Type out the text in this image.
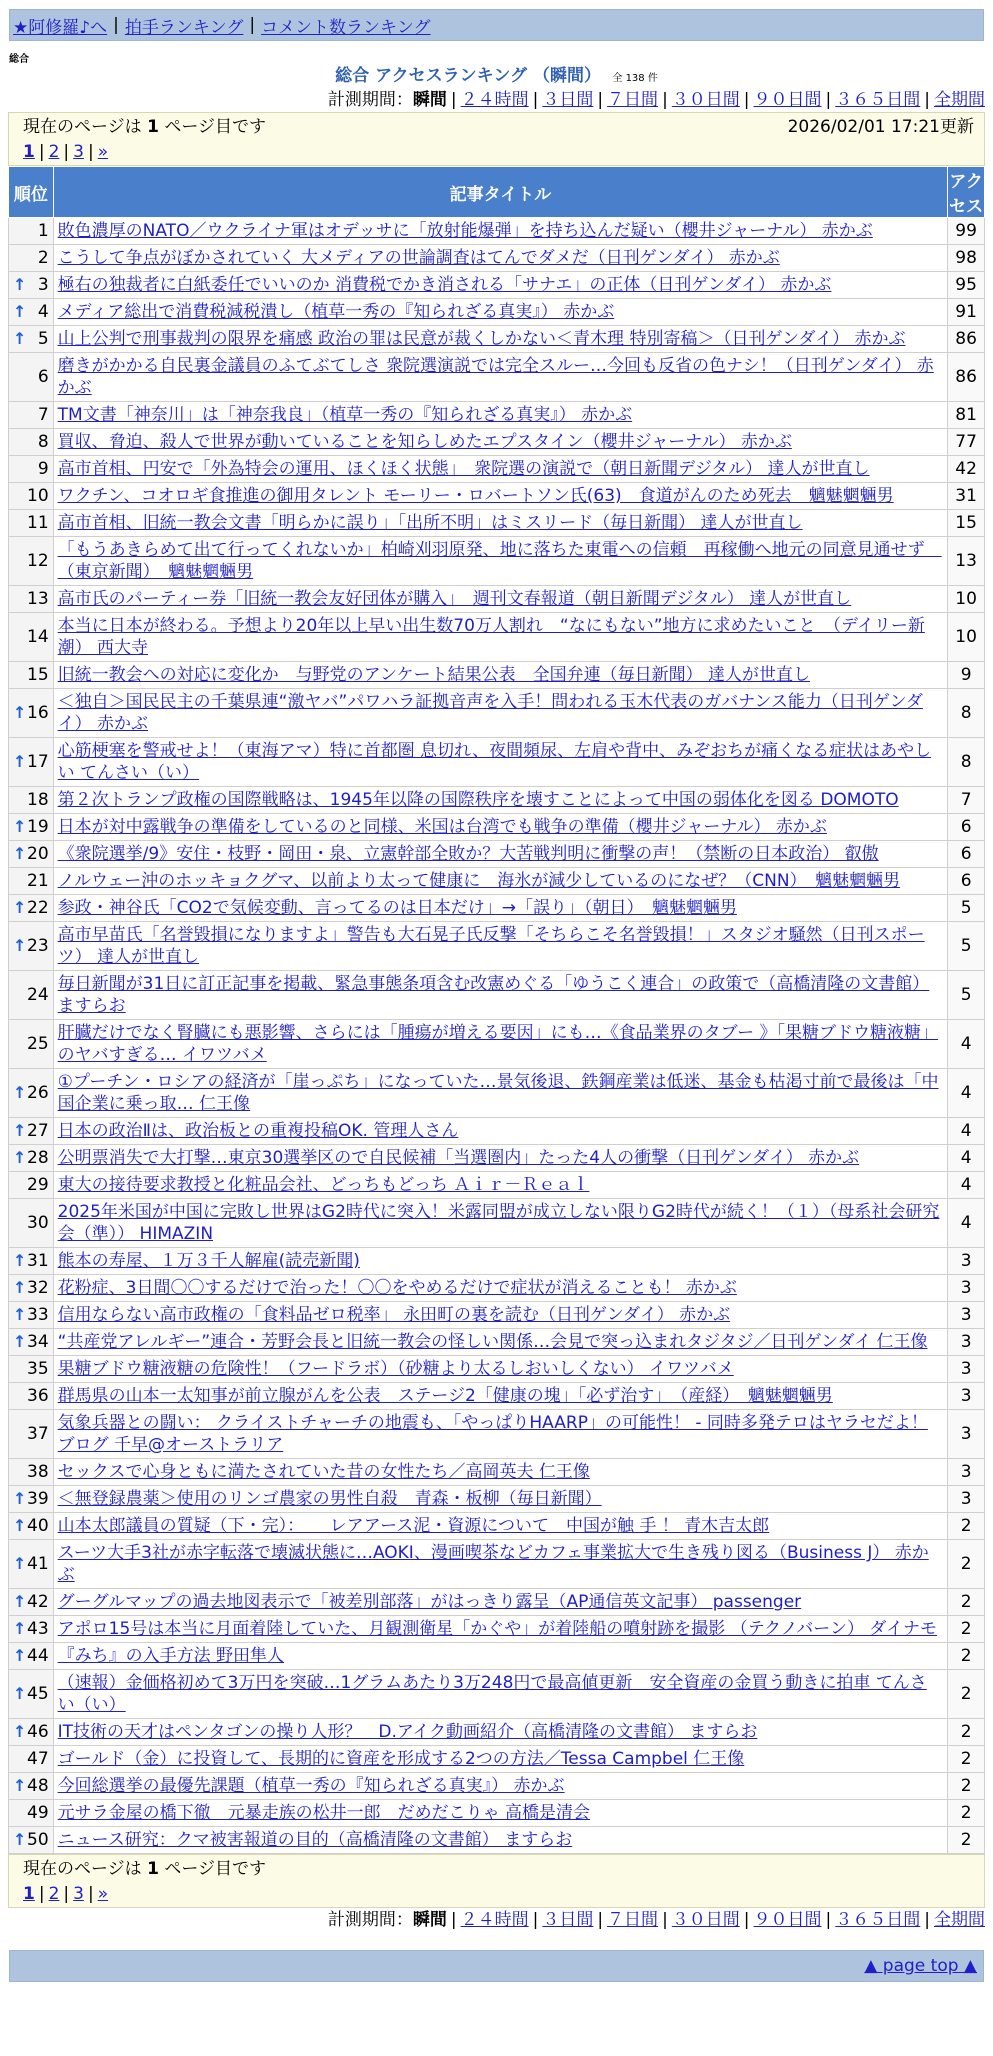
★阿修羅♪へ | 拍手ランキング | コメント数ランキング
総合
総合 アクセスランキング （瞬間） 全 138 件
計測期間：瞬間 | ２４時間 | ３日間 | ７日間 | ３０日間 | ９０日間 | ３６５日間 | 全期間
現在のページは 1 ページ目です	2026/02/01 17:21更新
1 | 2 | 3 | »
順位	記事タイトル	アクセス
1	敗色濃厚のNATO／ウクライナ軍はオデッサに「放射能爆弾」を持ち込んだ疑い（櫻井ジャーナル） 赤かぶ	99
2	こうして争点がぼかされていく 大メディアの世論調査はてんでダメだ（日刊ゲンダイ） 赤かぶ	98

↑ 3	極右の独裁者に白紙委任でいいのか 消費税でかき消される「サナエ」の正体（日刊ゲンダイ） 赤かぶ	95

↑ 4	メディア総出で消費税減税潰し（植草一秀の『知られざる真実』） 赤かぶ	91

↑ 5	山上公判で刑事裁判の限界を痛感 政治の罪は民意が裁くしかない＜青木理 特別寄稿＞（日刊ゲンダイ） 赤かぶ	86
6	磨きがかかる自民裏金議員のふてぶてしさ 衆院選演説では完全スルー…今回も反省の色ナシ！（日刊ゲンダイ） 赤かぶ	86
7	TM文書「神奈川」は「神奈我良」（植草一秀の『知られざる真実』） 赤かぶ	81
8	買収、脅迫、殺人で世界が動いていることを知らしめたエプスタイン（櫻井ジャーナル） 赤かぶ	77
9	高市首相、円安で「外為特会の運用、ほくほく状態」　衆院選の演説で（朝日新聞デジタル） 達人が世直し	42
10	ワクチン、コオロギ食推進の御用タレント モーリー・ロバートソン氏(63)　食道がんのため死去　魑魅魍魎男	31
11	高市首相、旧統一教会文書「明らかに誤り」「出所不明」はミスリード（毎日新聞） 達人が世直し	15
12	「もうあきらめて出て行ってくれないか」柏崎刈羽原発、地に落ちた東電への信頼　再稼働へ地元の同意見通せず　（東京新聞）　魑魅魍魎男	13
13	高市氏のパーティー券「旧統一教会友好団体が購入」　週刊文春報道（朝日新聞デジタル） 達人が世直し	10
14	本当に日本が終わる。予想より20年以上早い出生数70万人割れ　“なにもない”地方に求めたいこと　（デイリー新潮） 西大寺	10
15	旧統一教会への対応に変化か　与野党のアンケート結果公表　全国弁連（毎日新聞） 達人が世直し	9

↑ 16	＜独自＞国民民主の千葉県連“激ヤバ”パワハラ証拠音声を入手！問われる玉木代表のガバナンス能力（日刊ゲンダイ） 赤かぶ	8

↑ 17	心筋梗塞を警戒せよ！（東海アマ）特に首都圏 息切れ、夜間頻尿、左肩や背中、みぞおちが痛くなる症状はあやしい てんさい（い）	8
18	第２次トランプ政権の国際戦略は、1945年以降の国際秩序を壊すことによって中国の弱体化を図る DOMOTO	7

↑ 19	日本が対中露戦争の準備をしているのと同様、米国は台湾でも戦争の準備（櫻井ジャーナル） 赤かぶ	6

↑ 20	《衆院選挙/9》安住・枝野・岡田・泉、立憲幹部全敗か？大苦戦判明に衝撃の声！（禁断の日本政治） 叡傲	6
21	ノルウェー沖のホッキョクグマ、以前より太って健康に　海氷が減少しているのになぜ？（CNN）　魑魅魍魎男	6

↑ 22	参政・神谷氏「CO2で気候変動、言ってるのは日本だけ」→「誤り」（朝日）　魑魅魍魎男	5

↑ 23	高市早苗氏「名誉毀損になりますよ」警告も大石晃子氏反撃「そちらこそ名誉毀損！」スタジオ騒然（日刊スポーツ） 達人が世直し	5
24	毎日新聞が31日に訂正記事を掲載、緊急事態条項含む改憲めぐる「ゆうこく連合」の政策で（高橋清隆の文書館） ますらお	5
25	肝臓だけでなく腎臓にも悪影響、さらには「腫瘍が増える要因」にも…《食品業界のタブー 》「果糖ブドウ糖液糖」のヤバすぎる… イワツバメ	4

↑ 26	①プーチン・ロシアの経済が「崖っぷち」になっていた…景気後退、鉄鋼産業は低迷、基金も枯渇寸前で最後は「中国企業に乗っ取… 仁王像	4

↑ 27	日本の政治Ⅱは、政治板との重複投稿OK. 管理人さん	4

↑ 28	公明票消失で大打撃…東京30選挙区ので自民候補「当選圏内」たった4人の衝撃（日刊ゲンダイ） 赤かぶ	4
29	東大の接待要求教授と化粧品会社、どっちもどっち Ａｉｒ－Ｒｅａｌ	4
30	2025年米国が中国に完敗し世界はG2時代に突入！米露同盟が成立しない限りG2時代が続く！（１）（母系社会研究会（準）） HIMAZIN	4

↑ 31	熊本の寿屋、１万３千人解雇(読売新聞)	3

↑ 32	花粉症、3日間〇〇するだけで治った！〇〇をやめるだけで症状が消えることも！ 赤かぶ	3

↑ 33	信用ならない高市政権の「食料品ゼロ税率」 永田町の裏を読む（日刊ゲンダイ） 赤かぶ	3

↑ 34	“共産党アレルギー”連合・芳野会長と旧統一教会の怪しい関係…会見で突っ込まれタジタジ／日刊ゲンダイ 仁王像	3
35	果糖ブドウ糖液糖の危険性！（フードラボ）（砂糖より太るしおいしくない） イワツバメ	3
36	群馬県の山本一太知事が前立腺がんを公表　ステージ2「健康の塊」「必ず治す」　（産経）　魑魅魍魎男	3
37	気象兵器との闘い： クライストチャーチの地震も、「やっぱりHAARP」の可能性！ - 同時多発テロはヤラセだよ！ブログ 千早@オーストラリア	3
38	セックスで心身ともに満たされていた昔の女性たち／高岡英夫 仁王像	3

↑ 39	＜無登録農薬＞使用のリンゴ農家の男性自殺　青森・板柳（毎日新聞）	3

↑ 40	山本太郎議員の質疑（下・完）：　　レアアース泥・資源について　中国が触 手 ！ 青木吉太郎	2

↑ 41	スーツ大手3社が赤字転落で壊滅状態に…AOKI、漫画喫茶などカフェ事業拡大で生き残り図る（Business J） 赤かぶ	2

↑ 42	グーグルマップの過去地図表示で「被差別部落」がはっきり露呈（AP通信英文記事） passenger	2

↑ 43	アポロ15号は本当に月面着陸していた、月観測衛星「かぐや」が着陸船の噴射跡を撮影 （テクノバーン） ダイナモ	2

↑ 44	『みち』の入手方法 野田隼人	2

↑ 45	（速報）金価格初めて3万円を突破…1グラムあたり3万248円で最高値更新　安全資産の金買う動きに拍車 てんさい（い）	2

↑ 46	IT技術の天才はペンタゴンの操り人形？　D.アイク動画紹介（高橋清隆の文書館） ますらお	2
47	ゴールド（金）に投資して、長期的に資産を形成する2つの方法／Tessa Campbel 仁王像	2

↑ 48	今回総選挙の最優先課題（植草一秀の『知られざる真実』） 赤かぶ	2
49	元サラ金屋の橋下徹　元暴走族の松井一郎　だめだこりゃ 高橋是清会	2

↑ 50	ニュース研究：クマ被害報道の目的（高橋清隆の文書館） ますらお	2
現在のページは 1 ページ目です
1 | 2 | 3 | »
計測期間：瞬間 | ２４時間 | ３日間 | ７日間 | ３０日間 | ９０日間 | ３６５日間 | 全期間
▲ page top ▲
